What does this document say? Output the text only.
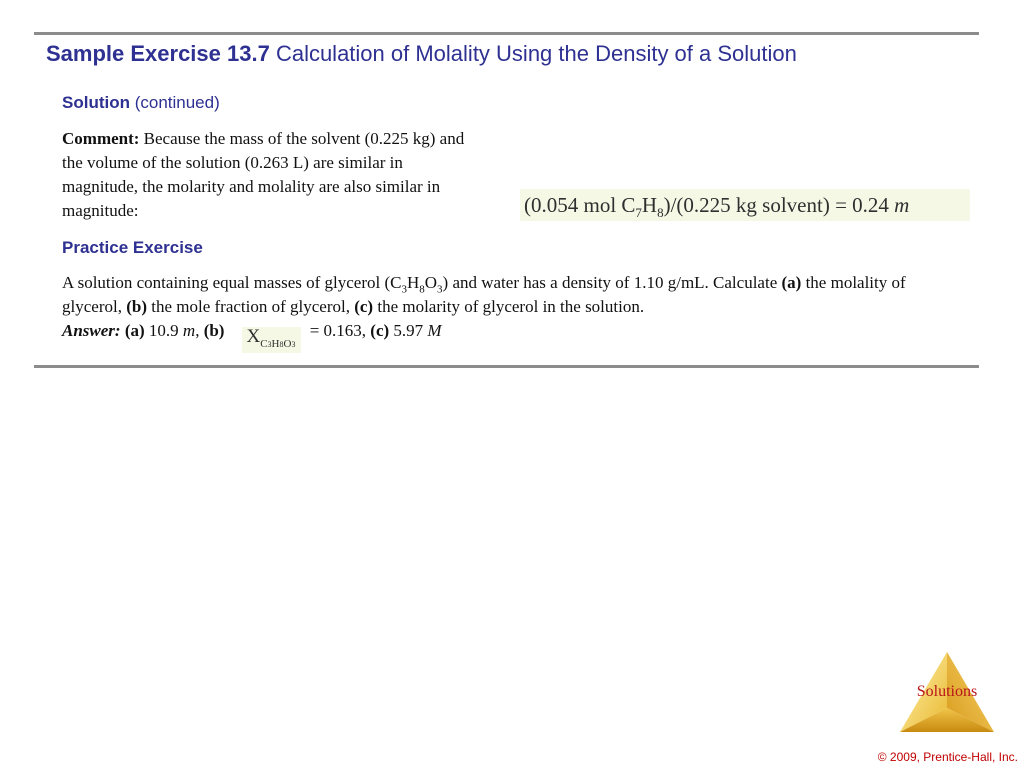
Sample Exercise 13.7 Calculation of Molality Using the Density of a Solution
Solution (continued)
Comment: Because the mass of the solvent (0.225 kg) and the volume of the solution (0.263 L) are similar in magnitude, the molarity and molality are also similar in magnitude:	(0.054 mol $C_7H_8)/(0.225$ kg solvent) = 0.24 m
Practice Exercise
A solution containing equal masses of glycerol $(C_3H_8O_3)$ and water has a density of 1.10 g/mL. Calculate (a) the molality of glycerol, (b) the mole fraction of glycerol, (c) the molarity of glycerol in the solution.
Answer: (a) 10.9 m, (b) $X_{C3H8O3} = 0.163$, (c) 5.97 M
Solutions
© 2009, Prentice-Hall, Inc.
